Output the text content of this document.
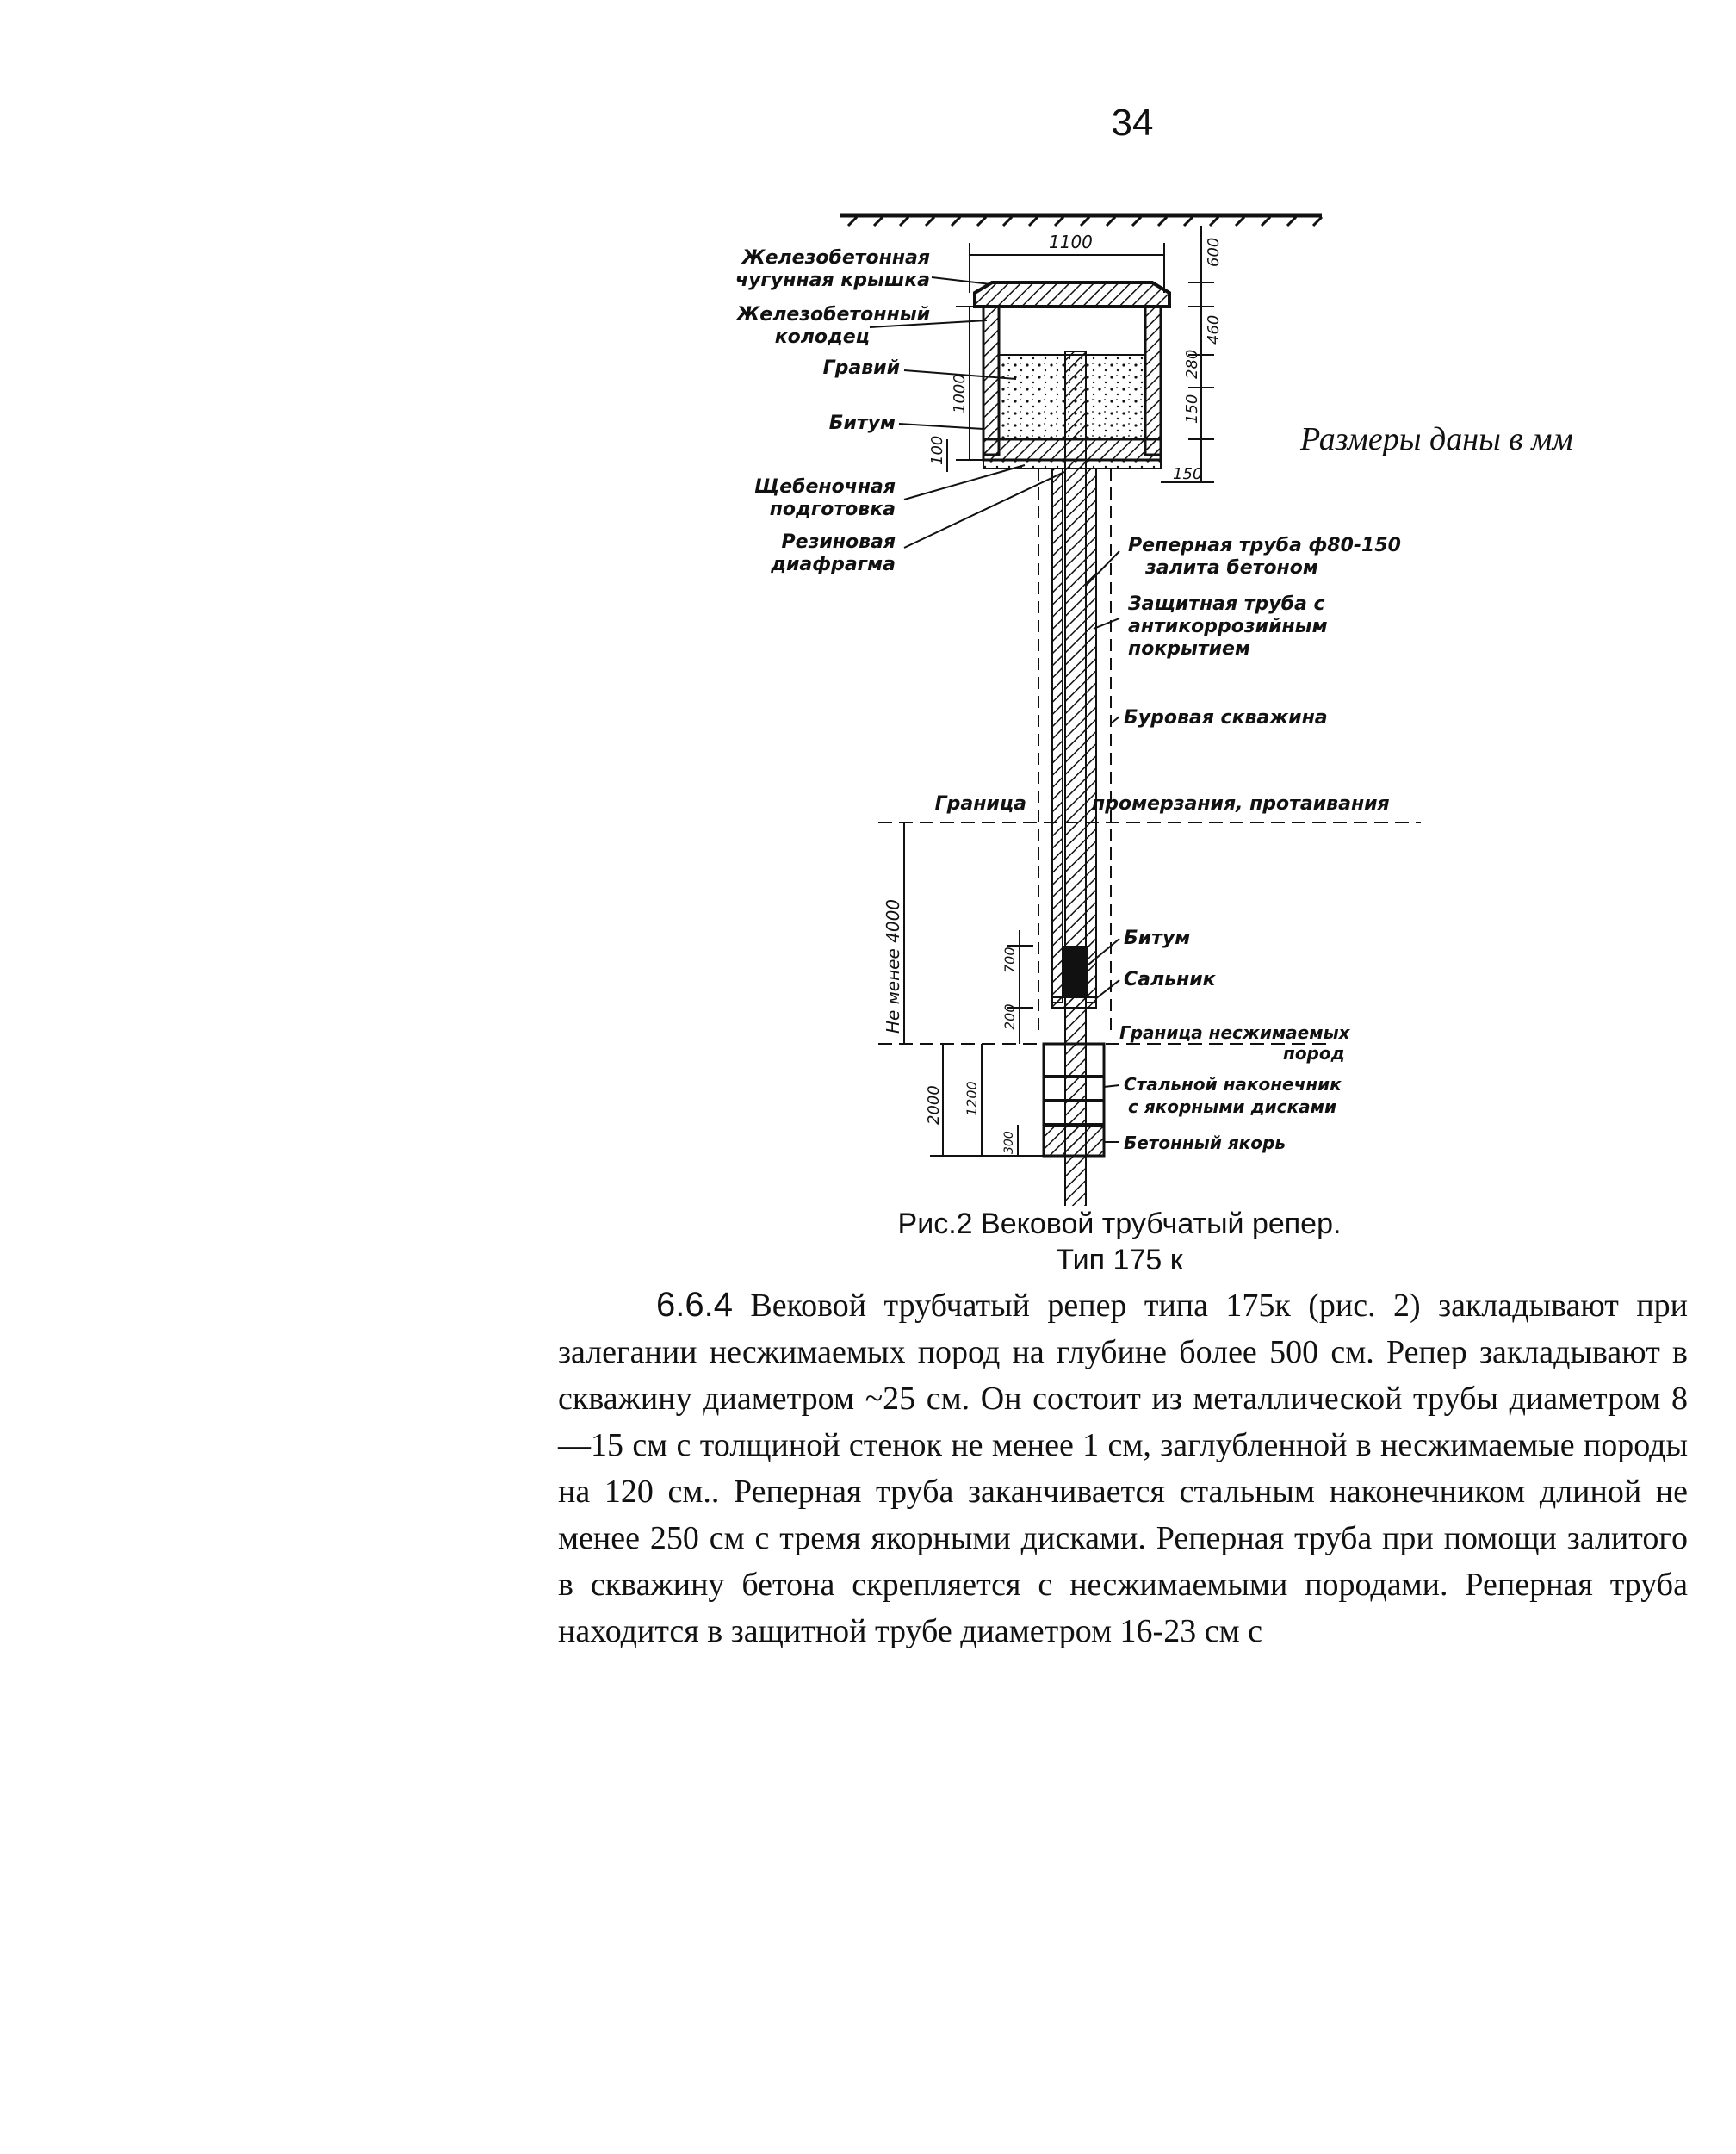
34
Железобетонная чугунная крышка
Железобетонный колодец
Гравий
Битум
Щебеночная подготовка
Резиновая диафрагма
Реперная труба ф80-150 залита бетоном
Защитная труба с антикоррозийным покрытием
Буровая скважина
Граница	промерзания, протаивания
Битум
Сальник
Граница несжимаемых пород
Стальной наконечник с якорными дисками
Бетонный якорь
1100	600
460
280
150
1000
100
150
Не менее 4000	700
200
2000 1200
300
Размеры даны в мм
Рис.2 Вековой трубчатый репер.
Тип 175 к

   6.6.4 Вековой трубчатый репер типа 175к (рис. 2) закладывают при залегании несжимаемых пород на глубине более 500 см. Репер закладывают в скважину диаметром ~25 см. Он состоит из металлической трубы диаметром 8—15 см с толщиной стенок не менее 1 см, заглубленной в несжимаемые породы на 120 см.. Реперная труба заканчивается стальным наконечником длиной не менее 250 см с тремя якорными дисками. Реперная труба при помощи залитого в скважину бетона скрепляется с несжимаемыми породами. Реперная труба находится в защитной трубе диаметром 16-23 см с
